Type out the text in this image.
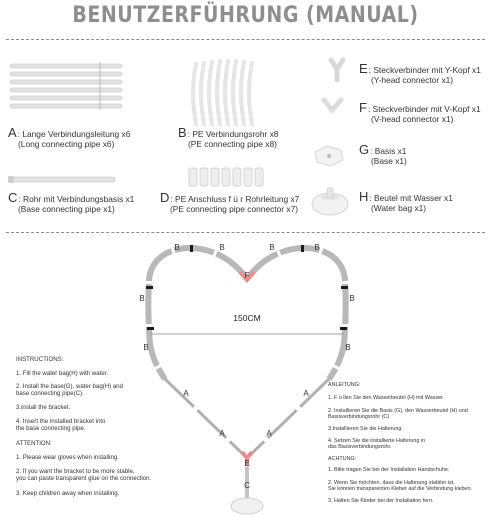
BENUTZERFÜHRUNG (MANUAL)
A: Lange Verbindungsleitung x6
(Long connecting pipe x6)
B: PE Verbindungsrohr x8
(PE connecting pipe x8)
C: Rohr mit Verbindungsbasis x1
(Base connecting pipe x1)
D: PE Anschluss f ü r Rohrleitung x7
(PE connecting pipe connector x7)
E: Steckverbinder mit Y-Kopf x1
(Y-head connector x1)
F: Steckverbinder mit V-Kopf x1
(V-head connector x1)
G: Basis x1
(Base x1)
H: Beutel mit Wasser x1
(Water bag x1)
150CM
B	B	B	B
B	B
B	B
A
A
A
A
F
E
C
INSTRUCTIONS:
1. Fill the water bag(H) with water.
2. Install the base(G), water bag(H) and
base connecting pipe(C).
3.install the bracket.
4. Insert the installed bracket into
the base connecting pipe.
ATTENTION:
1. Please wear gloves when installing.
2. If you want the bracket to be more stable,
you can paste transparent glue on the connection.
3. Keep children away when installing.
ANLEITUNG:
1. F ü llen Sie den Wasserbeutel (H) mit Wasser.
2. Installieren Sie die Basis (G), den Wasserbeutel (H) und
Basisverbindungsrohr (C)
3.Installieren Sie die Halterung.
4. Setzen Sie die installierte Halterung in
das Basisverbindungsrohr.
ACHTUNG:
1. Bitte tragen Sie bei der Installation Handschuhe.
2. Wenn Sie möchten, dass die Halterung stabiler ist,
Sie können transparenten Kleber auf die Verbindung kleben.
3. Halten Sie Kinder bei der Installation fern.
